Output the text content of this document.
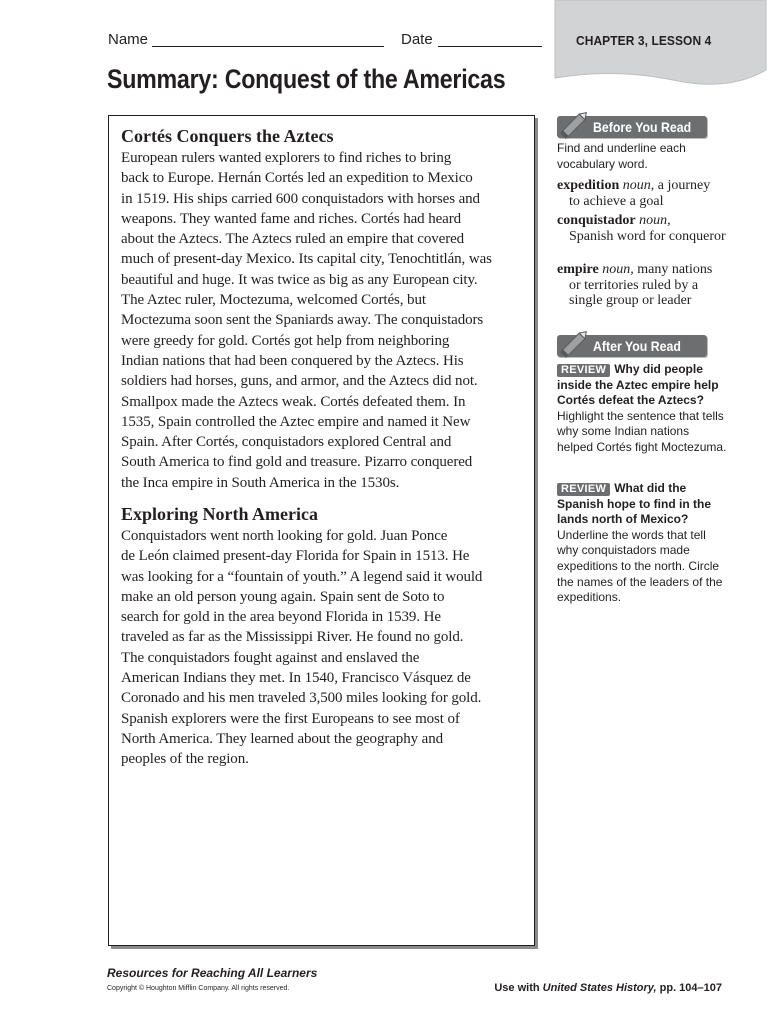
Name	Date	CHAPTER 3, LESSON 4
Summary: Conquest of the Americas
Cortés Conquers the Aztecs
European rulers wanted explorers to find riches to bring
back to Europe. Hernán Cortés led an expedition to Mexico
in 1519. His ships carried 600 conquistadors with horses and
weapons. They wanted fame and riches. Cortés had heard
about the Aztecs. The Aztecs ruled an empire that covered
much of present-day Mexico. Its capital city, Tenochtitlán, was
beautiful and huge. It was twice as big as any European city.
The Aztec ruler, Moctezuma, welcomed Cortés, but
Moctezuma soon sent the Spaniards away. The conquistadors
were greedy for gold. Cortés got help from neighboring
Indian nations that had been conquered by the Aztecs. His
soldiers had horses, guns, and armor, and the Aztecs did not.
Smallpox made the Aztecs weak. Cortés defeated them. In
1535, Spain controlled the Aztec empire and named it New
Spain. After Cortés, conquistadors explored Central and
South America to find gold and treasure. Pizarro conquered
the Inca empire in South America in the 1530s.
Exploring North America
Conquistadors went north looking for gold. Juan Ponce
de León claimed present-day Florida for Spain in 1513. He
was looking for a “fountain of youth.” A legend said it would
make an old person young again. Spain sent de Soto to
search for gold in the area beyond Florida in 1539. He
traveled as far as the Mississippi River. He found no gold.
The conquistadors fought against and enslaved the
American Indians they met. In 1540, Francisco Vásquez de
Coronado and his men traveled 3,500 miles looking for gold.
Spanish explorers were the first Europeans to see most of
North America. They learned about the geography and
peoples of the region.
Before You Read
Find and underline each vocabulary word.
expedition noun, a journey
to achieve a goal
conquistador noun,
Spanish word for conqueror
empire noun, many nations
or territories ruled by a single group or leader
After You Read
REVIEW Why did people inside the Aztec empire help Cortés defeat the Aztecs? Highlight the sentence that tells why some Indian nations helped Cortés fight Moctezuma.
REVIEW What did the Spanish hope to find in the lands north of Mexico? Underline the words that tell why conquistadors made expeditions to the north. Circle the names of the leaders of the expeditions.
Resources for Reaching All Learners
Copyright © Houghton Mifflin Company. All rights reserved.	Use with United States History, pp. 104–107
